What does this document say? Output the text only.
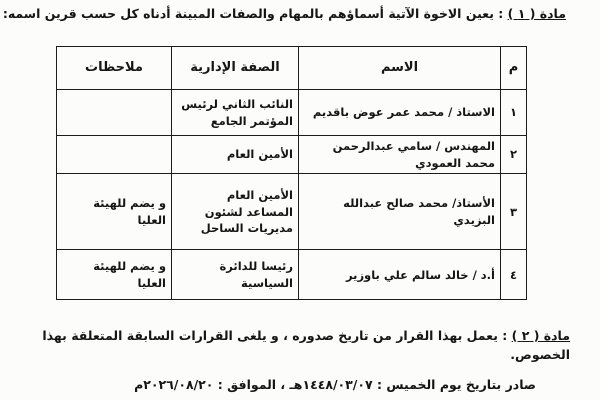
مادة ( ١ ) : يعين الاخوة الآتية أسماؤهم بالمهام والصفات المبينة أدناه كل حسب قرين اسمه:
م	الاسم	الصفة الإدارية	ملاحظات
١	الاستاذ / محمد عمر عوض باقديم	النائب الثاني لرئيس المؤتمر الجامع	
٢	المهندس / سامي عبدالرحمن محمد العمودي	الأمين العام	
٣	الأستاذ/ محمد صالح عبدالله البزيدي	الأمين العام المساعد لشئون مديريات الساحل	و يضم للهيئة العليا
٤	أ.د / خالد سالم علي باوزير	رئيسا للدائرة السياسية	و يضم للهيئة العليا
مادة ( ٢ ) : يعمل بهذا القرار من تاريخ صدوره ، و يلغى القرارات السابقة المتعلقة بهذا الخصوص.
صادر بتاريخ يوم الخميس : ١٤٤٨/٠٣/٠٧هـ ، الموافق : ٢٠٢٦/٠٨/٢٠م
